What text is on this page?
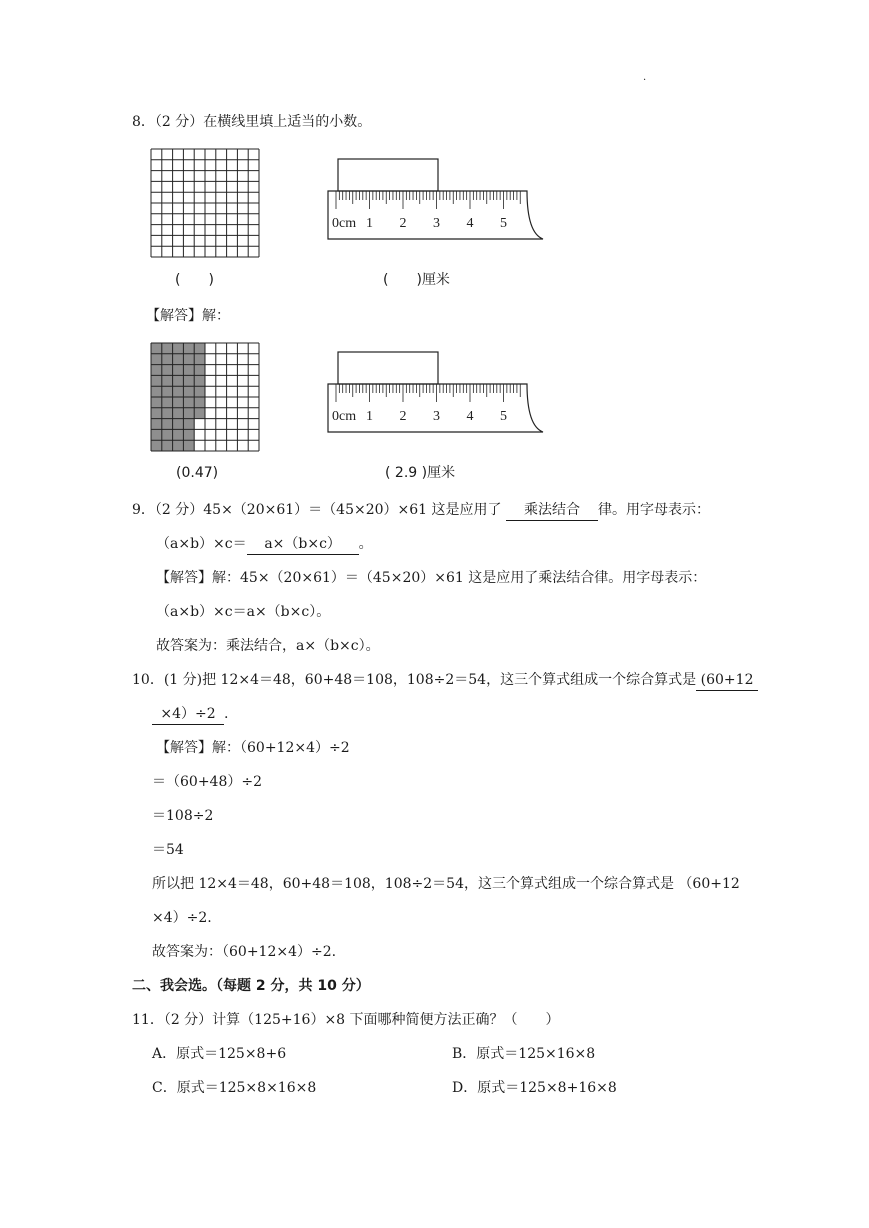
.
8．（2 分）在横线里填上适当的小数。
(　　)
0cm 1 2 3 4 5
(　　)厘米
【解答】解：
(0.47)
0cm 1 2 3 4 5
( 2.9 )厘米
9．（2 分）45×（20×61）＝（45×20）×61 这是应用了 乘法结合 律。用字母表示：
（a×b）×c＝ a×（b×c） 。
【解答】解：45×（20×61）＝（45×20）×61 这是应用了乘法结合律。用字母表示：
（a×b）×c＝a×（b×c）。
故答案为：乘法结合，a×（b×c）。
10．(1 分)把 12×4＝48，60+48＝108，108÷2＝54，这三个算式组成一个综合算式是 (60+12
×4）÷2 .
【解答】解：（60+12×4）÷2
＝（60+48）÷2
＝108÷2
＝54
所以把 12×4＝48，60+48＝108，108÷2＝54，这三个算式组成一个综合算式是 （60+12
×4）÷2.
故答案为：（60+12×4）÷2.
二、我会选。（每题 2 分，共 10 分）
11．（2 分）计算（125+16）×8 下面哪种简便方法正确？（　　）
A．原式＝125×8+6	B．原式＝125×16×8
C．原式＝125×8×16×8	D．原式＝125×8+16×8
